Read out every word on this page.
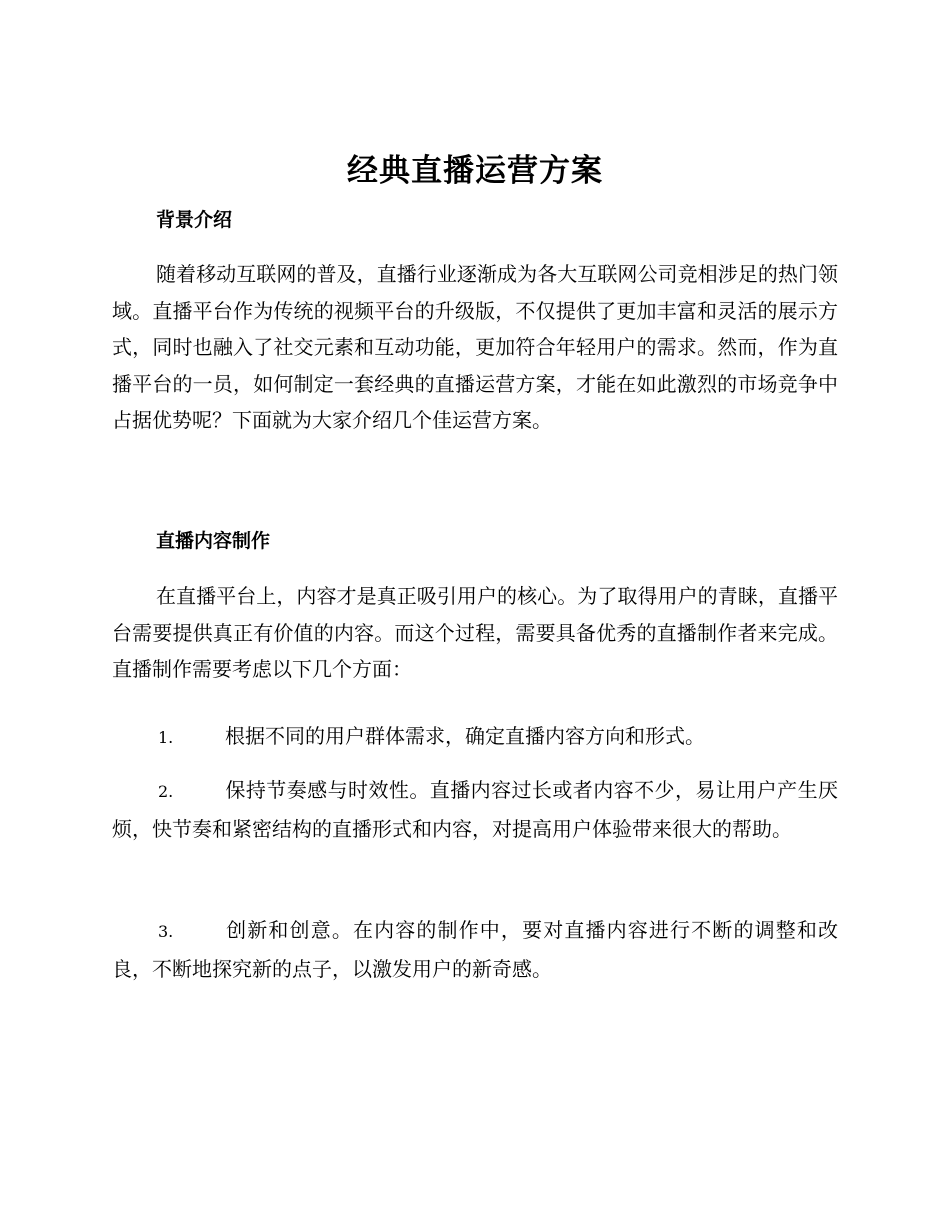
经典直播运营方案
背景介绍

随着移动互联网的普及，直播行业逐渐成为各大互联网公司竞相涉足的热门领域。直播平台作为传统的视频平台的升级版，不仅提供了更加丰富和灵活的展示方式，同时也融入了社交元素和互动功能，更加符合年轻用户的需求。然而，作为直播平台的一员，如何制定一套经典的直播运营方案，才能在如此激烈的市场竞争中占据优势呢？下面就为大家介绍几个佳运营方案。

直播内容制作

在直播平台上，内容才是真正吸引用户的核心。为了取得用户的青睐，直播平台需要提供真正有价值的内容。而这个过程，需要具备优秀的直播制作者来完成。直播制作需要考虑以下几个方面：

1.	根据不同的用户群体需求，确定直播内容方向和形式。

2.	保持节奏感与时效性。直播内容过长或者内容不少，易让用户产生厌烦，快节奏和紧密结构的直播形式和内容，对提高用户体验带来很大的帮助。

3.	创新和创意。在内容的制作中，要对直播内容进行不断的调整和改良，不断地探究新的点子，以激发用户的新奇感。
